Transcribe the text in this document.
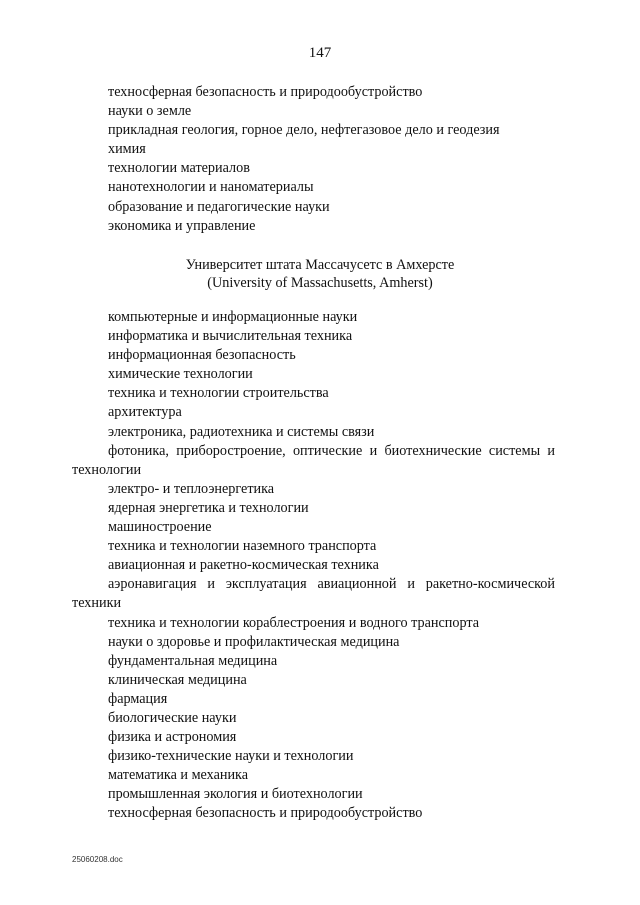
147
техносферная безопасность и природообустройство
науки о земле
прикладная геология, горное дело, нефтегазовое дело и геодезия
химия
технологии материалов
нанотехнологии и наноматериалы
образование и педагогические науки
экономика и управление
Университет штата Массачусетс в Амхерсте
(University of Massachusetts, Amherst)
компьютерные и информационные науки
информатика и вычислительная техника
информационная безопасность
химические технологии
техника и технологии строительства
архитектура
электроника, радиотехника и системы связи
фотоника, приборостроение, оптические и биотехнические системы и технологии
электро- и теплоэнергетика
ядерная энергетика и технологии
машиностроение
техника и технологии наземного транспорта
авиационная и ракетно-космическая техника
аэронавигация и эксплуатация авиационной и ракетно-космической техники
техника и технологии кораблестроения и водного транспорта
науки о здоровье и профилактическая медицина
фундаментальная медицина
клиническая медицина
фармация
биологические науки
физика и астрономия
физико-технические науки и технологии
математика и механика
промышленная экология и биотехнологии
техносферная безопасность и природообустройство
25060208.doc
